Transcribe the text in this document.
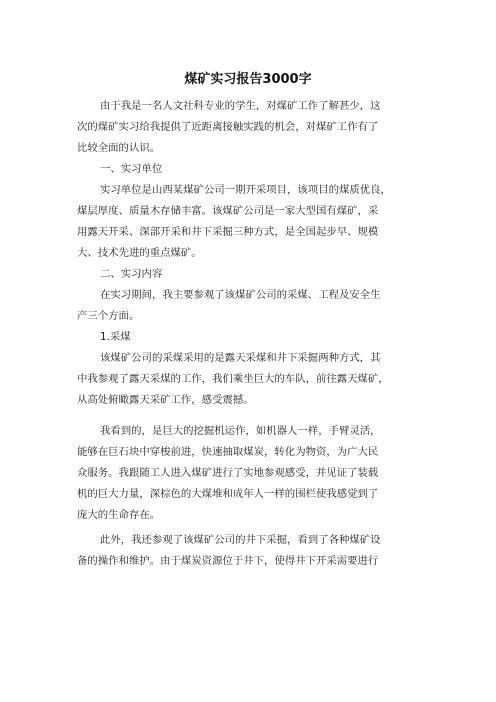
煤矿实习报告3000字
由于我是一名人文社科专业的学生，对煤矿工作了解甚少，这
次的煤矿实习给我提供了近距离接触实践的机会，对煤矿工作有了
比较全面的认识。
一、实习单位
实习单位是山西某煤矿公司一期开采项目，该项目的煤质优良，
煤层厚度、质量木存储丰富。该煤矿公司是一家大型国有煤矿，采
用露天开采、深部开采和井下采掘三种方式，是全国起步早、规模
大、技术先进的重点煤矿。
二、实习内容
在实习期间，我主要参观了该煤矿公司的采煤、工程及安全生
产三个方面。
1.采煤
该煤矿公司的采煤采用的是露天采煤和井下采掘两种方式，其
中我参观了露天采煤的工作，我们乘坐巨大的车队，前往露天煤矿，
从高处俯瞰露天采矿工作，感受震撼。
我看到的，是巨大的挖掘机运作，如机器人一样，手臂灵活，
能够在巨石块中穿梭前进，快速抽取煤炭，转化为物资，为广大民
众服务。我跟随工人进入煤矿进行了实地参观感受，并见证了装载
机的巨大力量，深棕色的大煤堆和成年人一样的围栏使我感觉到了
庞大的生命存在。
此外，我还参观了该煤矿公司的井下采掘，看到了各种煤矿设
备的操作和维护。由于煤炭资源位于井下，使得井下开采需要进行
